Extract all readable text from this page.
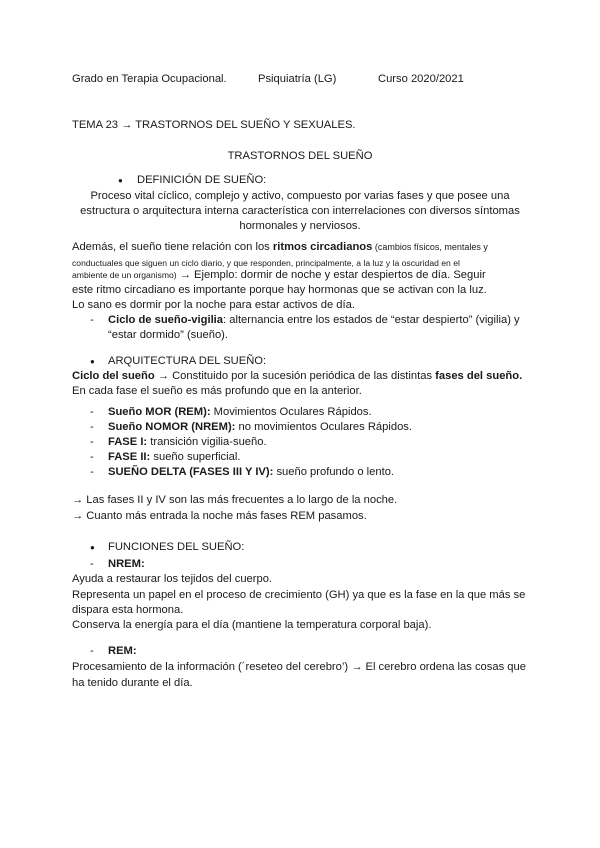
Grado en Terapia Ocupacional.	Psiquiatría (LG)	Curso 2020/2021
TEMA 23 → TRASTORNOS DEL SUEÑO Y SEXUALES.
TRASTORNOS DEL SUEÑO
● DEFINICIÓN DE SUEÑO:
Proceso vital cíclico, complejo y activo, compuesto por varias fases y que posee una
estructura o arquitectura interna característica con interrelaciones con diversos síntomas
hormonales y nerviosos.
Además, el sueño tiene relación con los ritmos circadianos (cambios físicos, mentales y
conductuales que siguen un ciclo diario, y que responden, principalmente, a la luz y la oscuridad en el
ambiente de un organismo) → Ejemplo: dormir de noche y estar despiertos de día. Seguir
este ritmo circadiano es importante porque hay hormonas que se activan con la luz.
Lo sano es dormir por la noche para estar activos de día.
- Ciclo de sueño-vigilia: alternancia entre los estados de “estar despierto” (vigilia) y
“estar dormido” (sueño).
● ARQUITECTURA DEL SUEÑO:
Ciclo del sueño → Constituido por la sucesión periódica de las distintas fases del sueño.
En cada fase el sueño es más profundo que en la anterior.
- Sueño MOR (REM): Movimientos Oculares Rápidos.
- Sueño NOMOR (NREM): no movimientos Oculares Rápidos.
- FASE I: transición vigilia-sueño.
- FASE II: sueño superficial.
- SUEÑO DELTA (FASES III Y IV): sueño profundo o lento.
→ Las fases II y IV son las más frecuentes a lo largo de la noche.
→ Cuanto más entrada la noche más fases REM pasamos.
● FUNCIONES DEL SUEÑO:
- NREM:
Ayuda a restaurar los tejidos del cuerpo.
Representa un papel en el proceso de crecimiento (GH) ya que es la fase en la que más se
dispara esta hormona.
Conserva la energía para el día (mantiene la temperatura corporal baja).
- REM:
Procesamiento de la información (´reseteo del cerebro’) → El cerebro ordena las cosas que
ha tenido durante el día.
